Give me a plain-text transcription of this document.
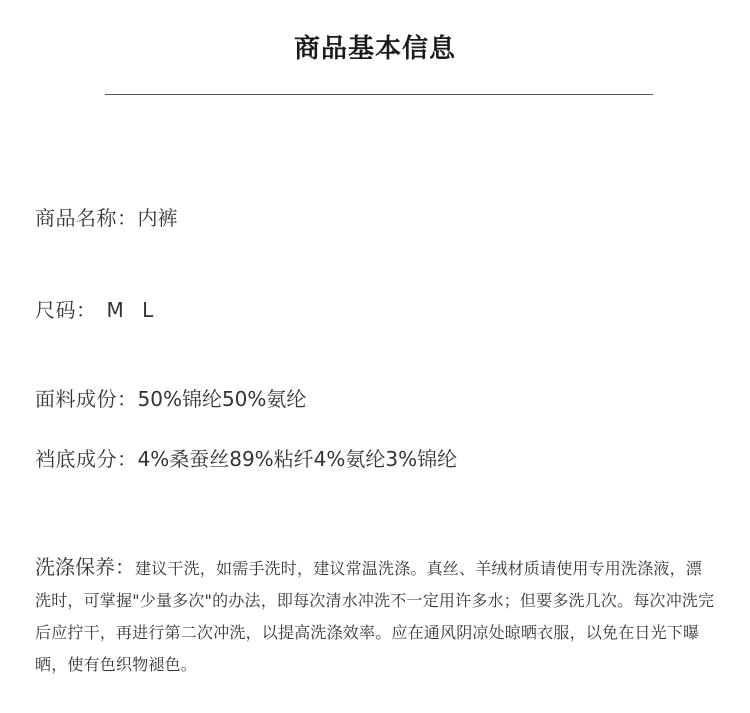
商品基本信息
商品名称：内裤
尺码： M L
面料成份：50%锦纶50%氨纶
裆底成分：4%桑蚕丝89%粘纤4%氨纶3%锦纶
洗涤保养：建议干洗，如需手洗时，建议常温洗涤。真丝、羊绒材质请使用专用洗涤液，漂洗时，可掌握"少量多次"的办法，即每次清水冲洗不一定用许多水；但要多洗几次。每次冲洗完后应拧干，再进行第二次冲洗，以提高洗涤效率。应在通风阴凉处晾晒衣服，以免在日光下曝晒，使有色织物褪色。
